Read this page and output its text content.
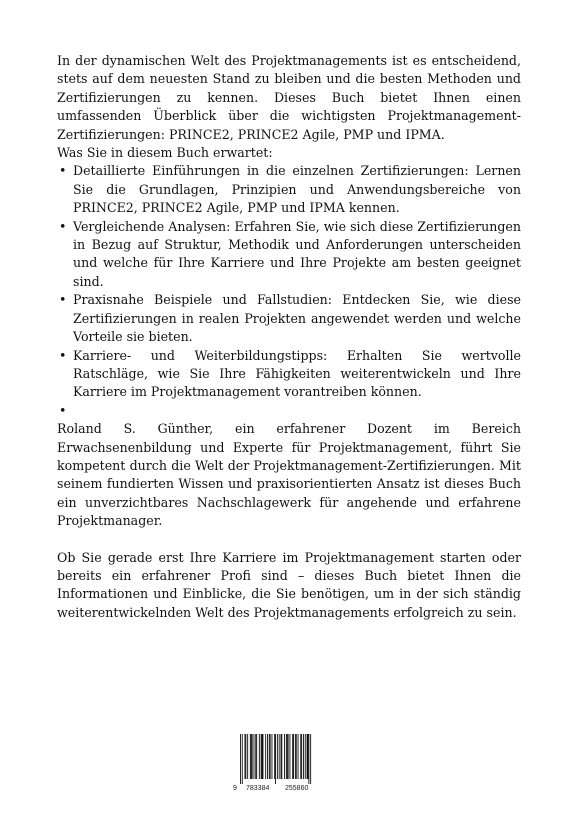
In der dynamischen Welt des Projektmanagements ist es entscheidend, stets auf dem neuesten Stand zu bleiben und die besten Methoden und Zertifizierungen zu kennen. Dieses Buch bietet Ihnen einen umfassenden Überblick über die wichtigsten Projektmanagement-Zertifizierungen: PRINCE2, PRINCE2 Agile, PMP und IPMA.

Was Sie in diesem Buch erwartet:

• Detaillierte Einführungen in die einzelnen Zertifizierungen: Lernen Sie die Grundlagen, Prinzipien und Anwendungsbereiche von PRINCE2, PRINCE2 Agile, PMP und IPMA kennen.
• Vergleichende Analysen: Erfahren Sie, wie sich diese Zertifizierungen in Bezug auf Struktur, Methodik und Anforderungen unterscheiden und welche für Ihre Karriere und Ihre Projekte am besten geeignet sind.
• Praxisnahe Beispiele und Fallstudien: Entdecken Sie, wie diese Zertifizierungen in realen Projekten angewendet werden und welche Vorteile sie bieten.
• Karriere- und Weiterbildungstipps: Erhalten Sie wertvolle Ratschläge, wie Sie Ihre Fähigkeiten weiterentwickeln und Ihre Karriere im Projektmanagement vorantreiben können.
•

Roland S. Günther, ein erfahrener Dozent im Bereich Erwachsenenbildung und Experte für Projektmanagement, führt Sie kompetent durch die Welt der Projektmanagement-Zertifizierungen. Mit seinem fundierten Wissen und praxisorientierten Ansatz ist dieses Buch ein unverzichtbares Nachschlagewerk für angehende und erfahrene Projektmanager.

Ob Sie gerade erst Ihre Karriere im Projektmanagement starten oder bereits ein erfahrener Profi sind – dieses Buch bietet Ihnen die Informationen und Einblicke, die Sie benötigen, um in der sich ständig weiterentwickelnden Welt des Projektmanagements erfolgreich zu sein.

9 783384 255860
